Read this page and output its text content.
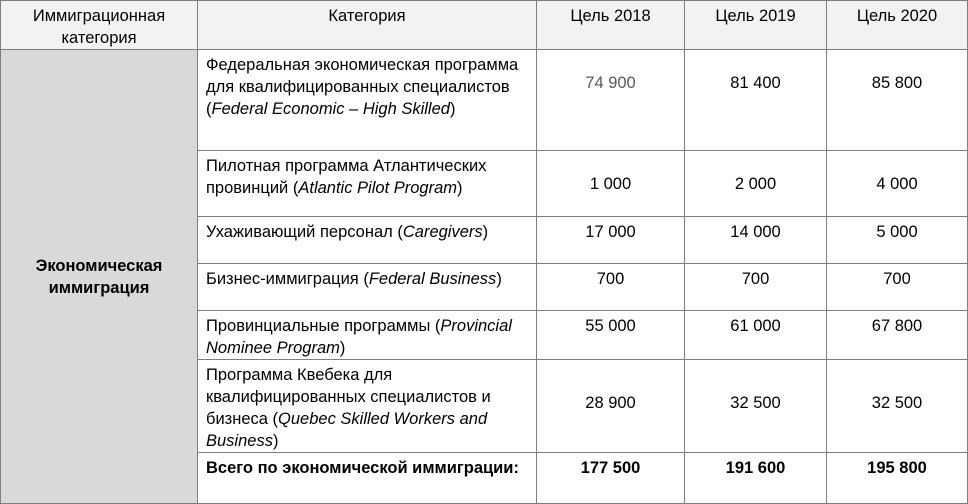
Иммиграционная категория	Категория	Цель 2018	Цель 2019	Цель 2020
Экономическая иммиграция	Федеральная экономическая программа для квалифицированных специалистов (Federal Economic – High Skilled)	74 900	81 400	85 800
	Пилотная программа Атлантических провинций (Atlantic Pilot Program)	1 000	2 000	4 000
	Ухаживающий персонал (Caregivers)	17 000	14 000	5 000
	Бизнес-иммиграция (Federal Business)	700	700	700
	Провинциальные программы (Provincial Nominee Program)	55 000	61 000	67 800
	Программа Квебека для квалифицированных специалистов и бизнеса (Quebec Skilled Workers and Business)	28 900	32 500	32 500
	Всего по экономической иммиграции:	177 500	191 600	195 800
